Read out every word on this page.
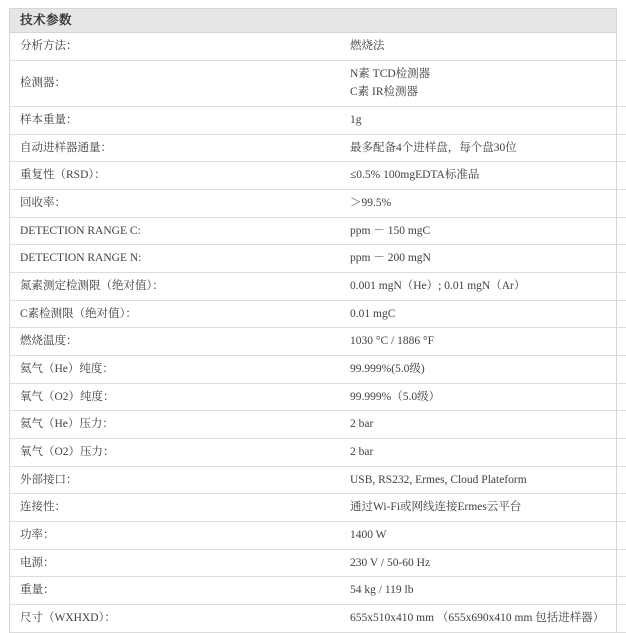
技术参数
分析方法：	燃烧法

检测器：	N素 TCD检测器
C素 IR检测器

样本重量：	1g

自动进样器通量：	最多配备4个进样盘，每个盘30位

重复性（RSD）：	≤0.5% 100mgEDTA标准品

回收率：	＞99.5%

DETECTION RANGE C:	ppm － 150 mgC

DETECTION RANGE N:	ppm － 200 mgN

氮素测定检测限（绝对值）：	0.001 mgN（He）; 0.01 mgN（Ar）

C素检测限（绝对值）：	0.01 mgC

燃烧温度：	1030 °C / 1886 °F

氦气（He）纯度：	99.999%(5.0级)

氧气（O2）纯度：	99.999%（5.0级）

氦气（He）压力：	2 bar

氧气（O2）压力：	2 bar

外部接口：	USB, RS232, Ermes, Cloud Plateform

连接性：	通过Wi-Fi或网线连接Ermes云平台

功率：	1400 W

电源：	230 V / 50-60 Hz

重量：	54 kg / 119 lb

尺寸（WXHXD）：	655x510x410 mm （655x690x410 mm 包括进样器）
